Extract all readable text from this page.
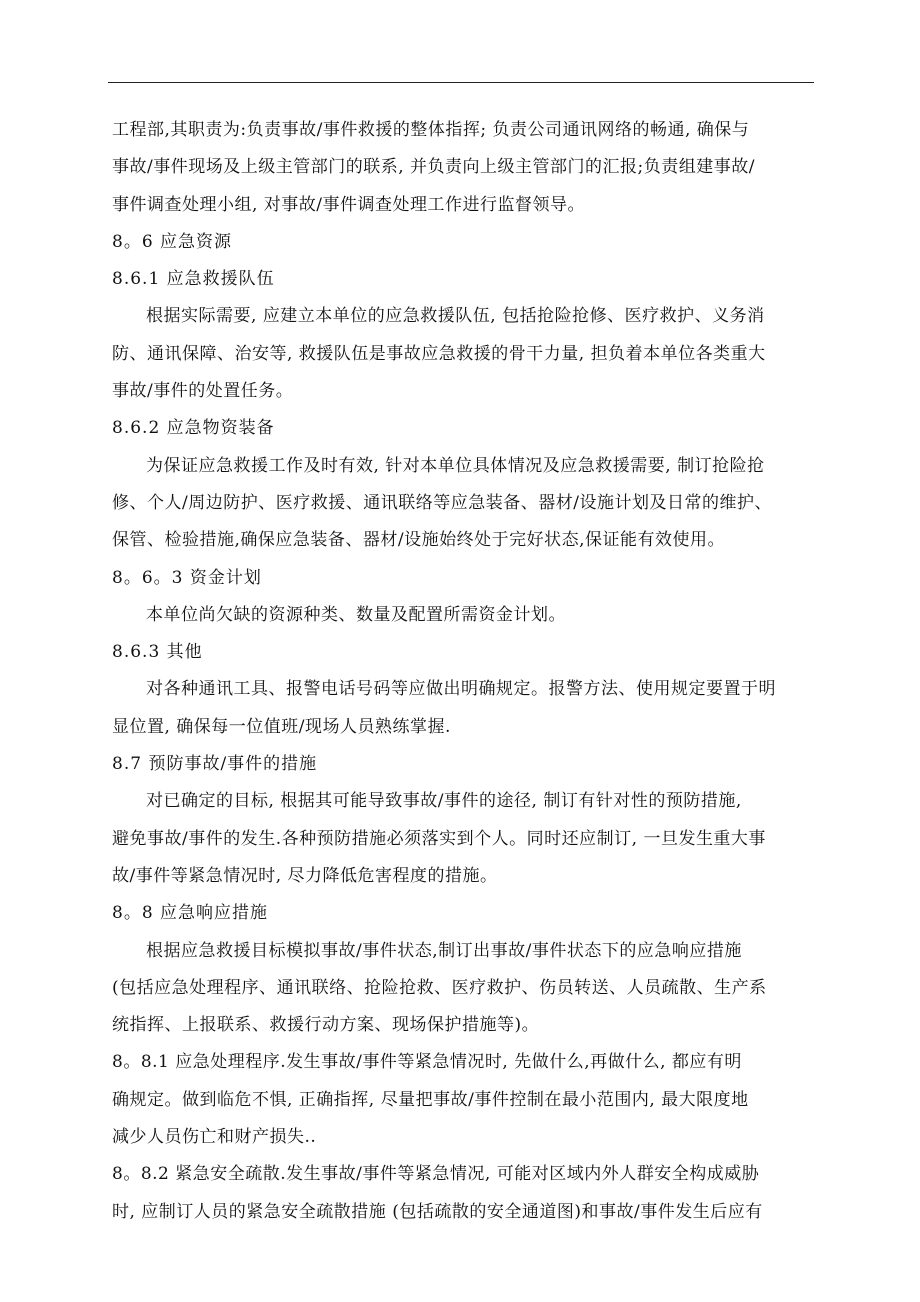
工程部,其职责为:负责事故/事件救援的整体指挥; 负责公司通讯网络的畅通, 确保与
事故/事件现场及上级主管部门的联系, 并负责向上级主管部门的汇报;负责组建事故/
事件调查处理小组, 对事故/事件调查处理工作进行监督领导。
8。6 应急资源
8.6.1 应急救援队伍
根据实际需要, 应建立本单位的应急救援队伍, 包括抢险抢修、医疗救护、义务消
防、通讯保障、治安等, 救援队伍是事故应急救援的骨干力量, 担负着本单位各类重大
事故/事件的处置任务。
8.6.2 应急物资装备
为保证应急救援工作及时有效, 针对本单位具体情况及应急救援需要, 制订抢险抢
修、个人/周边防护、医疗救援、通讯联络等应急装备、器材/设施计划及日常的维护、
保管、检验措施,确保应急装备、器材/设施始终处于完好状态,保证能有效使用。
8。6。3 资金计划
本单位尚欠缺的资源种类、数量及配置所需资金计划。
8.6.3 其他
对各种通讯工具、报警电话号码等应做出明确规定。报警方法、使用规定要置于明
显位置, 确保每一位值班/现场人员熟练掌握.
8.7 预防事故/事件的措施
对已确定的目标, 根据其可能导致事故/事件的途径, 制订有针对性的预防措施,
避免事故/事件的发生.各种预防措施必须落实到个人。同时还应制订, 一旦发生重大事
故/事件等紧急情况时, 尽力降低危害程度的措施。
8。8 应急响应措施
根据应急救援目标模拟事故/事件状态,制订出事故/事件状态下的应急响应措施
(包括应急处理程序、通讯联络、抢险抢救、医疗救护、伤员转送、人员疏散、生产系
统指挥、上报联系、救援行动方案、现场保护措施等)。
8。8.1 应急处理程序.发生事故/事件等紧急情况时, 先做什么,再做什么, 都应有明
确规定。做到临危不惧, 正确指挥, 尽量把事故/事件控制在最小范围内, 最大限度地
减少人员伤亡和财产损失..
8。8.2 紧急安全疏散.发生事故/事件等紧急情况, 可能对区域内外人群安全构成威胁
时, 应制订人员的紧急安全疏散措施 (包括疏散的安全通道图)和事故/事件发生后应有
